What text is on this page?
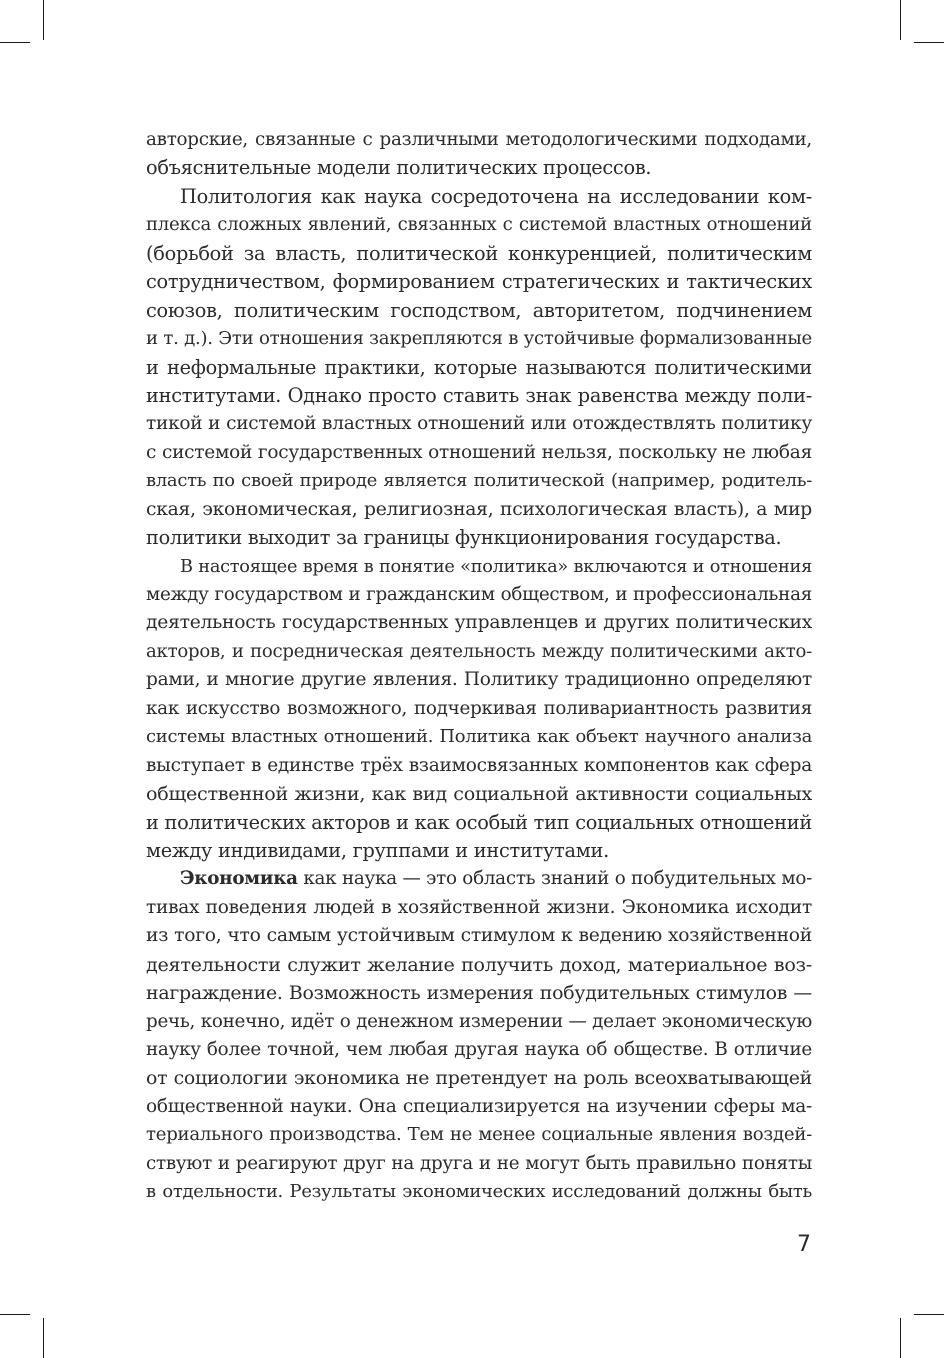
авторские, связанные с различными методологическими подходами,
объяснительные модели политических процессов.
Политология как наука сосредоточена на исследовании ком-
плекса сложных явлений, связанных с системой властных отношений
(борьбой за власть, политической конкуренцией, политическим
сотрудничеством, формированием стратегических и тактических
союзов, политическим господством, авторитетом, подчинением
и т. д.). Эти отношения закрепляются в устойчивые формализованные
и неформальные практики, которые называются политическими
институтами. Однако просто ставить знак равенства между поли-
тикой и системой властных отношений или отождествлять политику
с системой государственных отношений нельзя, поскольку не любая
власть по своей природе является политической (например, родитель-
ская, экономическая, религиозная, психологическая власть), а мир
политики выходит за границы функционирования государства.
В настоящее время в понятие «политика» включаются и отношения
между государством и гражданским обществом, и профессиональная
деятельность государственных управленцев и других политических
акторов, и посредническая деятельность между политическими акто-
рами, и многие другие явления. Политику традиционно определяют
как искусство возможного, подчеркивая поливариантность развития
системы властных отношений. Политика как объект научного анализа
выступает в единстве трёх взаимосвязанных компонентов как сфера
общественной жизни, как вид социальной активности социальных
и политических акторов и как особый тип социальных отношений
между индивидами, группами и институтами.
Экономика как наука — это область знаний о побудительных мо-
тивах поведения людей в хозяйственной жизни. Экономика исходит
из того, что самым устойчивым стимулом к ведению хозяйственной
деятельности служит желание получить доход, материальное воз-
награждение. Возможность измерения побудительных стимулов —
речь, конечно, идёт о денежном измерении — делает экономическую
науку более точной, чем любая другая наука об обществе. В отличие
от социологии экономика не претендует на роль всеохватывающей
общественной науки. Она специализируется на изучении сферы ма-
териального производства. Тем не менее социальные явления воздей-
ствуют и реагируют друг на друга и не могут быть правильно поняты
в отдельности. Результаты экономических исследований должны быть
7
